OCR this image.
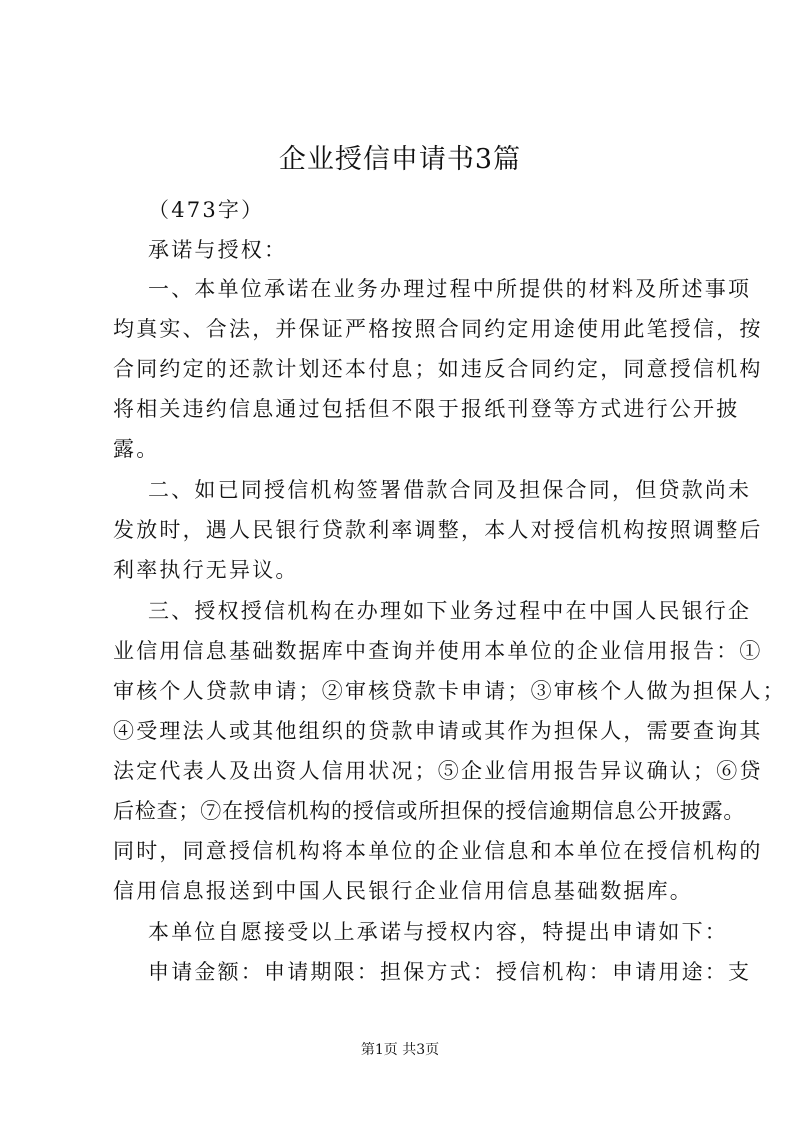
企业授信申请书3篇
（473字）
承诺与授权：
一、本单位承诺在业务办理过程中所提供的材料及所述事项
均真实、合法，并保证严格按照合同约定用途使用此笔授信，按
合同约定的还款计划还本付息；如违反合同约定，同意授信机构
将相关违约信息通过包括但不限于报纸刊登等方式进行公开披
露。
二、如已同授信机构签署借款合同及担保合同，但贷款尚未
发放时，遇人民银行贷款利率调整，本人对授信机构按照调整后
利率执行无异议。
三、授权授信机构在办理如下业务过程中在中国人民银行企
业信用信息基础数据库中查询并使用本单位的企业信用报告：①
审核个人贷款申请；②审核贷款卡申请；③审核个人做为担保人；
④受理法人或其他组织的贷款申请或其作为担保人，需要查询其
法定代表人及出资人信用状况；⑤企业信用报告异议确认；⑥贷
后检查；⑦在授信机构的授信或所担保的授信逾期信息公开披露。
同时，同意授信机构将本单位的企业信息和本单位在授信机构的
信用信息报送到中国人民银行企业信用信息基础数据库。
本单位自愿接受以上承诺与授权内容，特提出申请如下：
申请金额：申请期限：担保方式：授信机构：申请用途：支
第1页 共3页
